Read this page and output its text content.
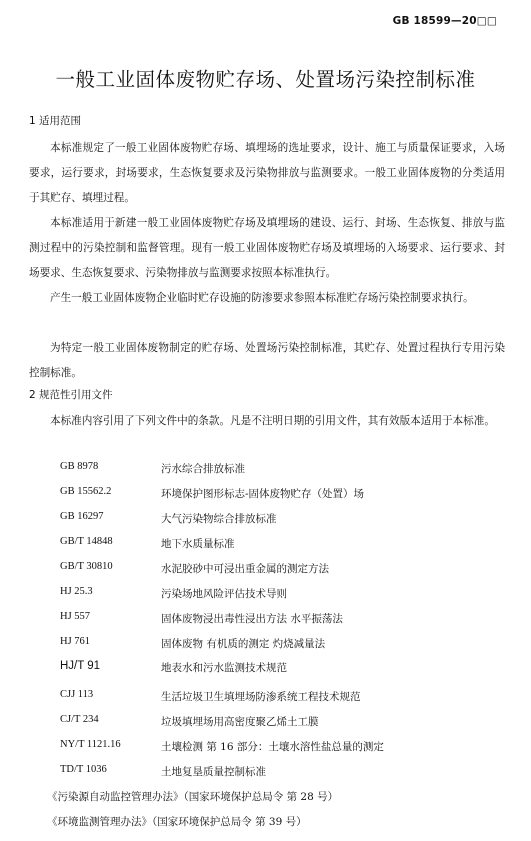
GB 18599—20□□
一般工业固体废物贮存场、处置场污染控制标准
1 适用范围

本标准规定了一般工业固体废物贮存场、填埋场的选址要求，设计、施工与质量保证要求，入场要求，运行要求，封场要求，生态恢复要求及污染物排放与监测要求。一般工业固体废物的分类适用于其贮存、填埋过程。

本标准适用于新建一般工业固体废物贮存场及填埋场的建设、运行、封场、生态恢复、排放与监测过程中的污染控制和监督管理。现有一般工业固体废物贮存场及填埋场的入场要求、运行要求、封场要求、生态恢复要求、污染物排放与监测要求按照本标准执行。

产生一般工业固体废物企业临时贮存设施的防渗要求参照本标准贮存场污染控制要求执行。

为特定一般工业固体废物制定的贮存场、处置场污染控制标准，其贮存、处置过程执行专用污染控制标准。

2 规范性引用文件

本标准内容引用了下列文件中的条款。凡是不注明日期的引用文件，其有效版本适用于本标准。

GB 8978	污水综合排放标准
GB 15562.2	环境保护图形标志-固体废物贮存（处置）场
GB 16297	大气污染物综合排放标准
GB/T 14848	地下水质量标准
GB/T 30810	水泥胶砂中可浸出重金属的测定方法
HJ 25.3	污染场地风险评估技术导则
HJ 557	固体废物浸出毒性浸出方法 水平振荡法
HJ 761	固体废物 有机质的测定 灼烧减量法
HJ/T 91	地表水和污水监测技术规范
CJJ 113	生活垃圾卫生填埋场防渗系统工程技术规范
CJ/T 234	垃圾填埋场用高密度聚乙烯土工膜
NY/T 1121.16	土壤检测 第 16 部分：土壤水溶性盐总量的测定
TD/T 1036	土地复垦质量控制标准
《污染源自动监控管理办法》（国家环境保护总局令 第 28 号）
《环境监测管理办法》（国家环境保护总局令 第 39 号）
